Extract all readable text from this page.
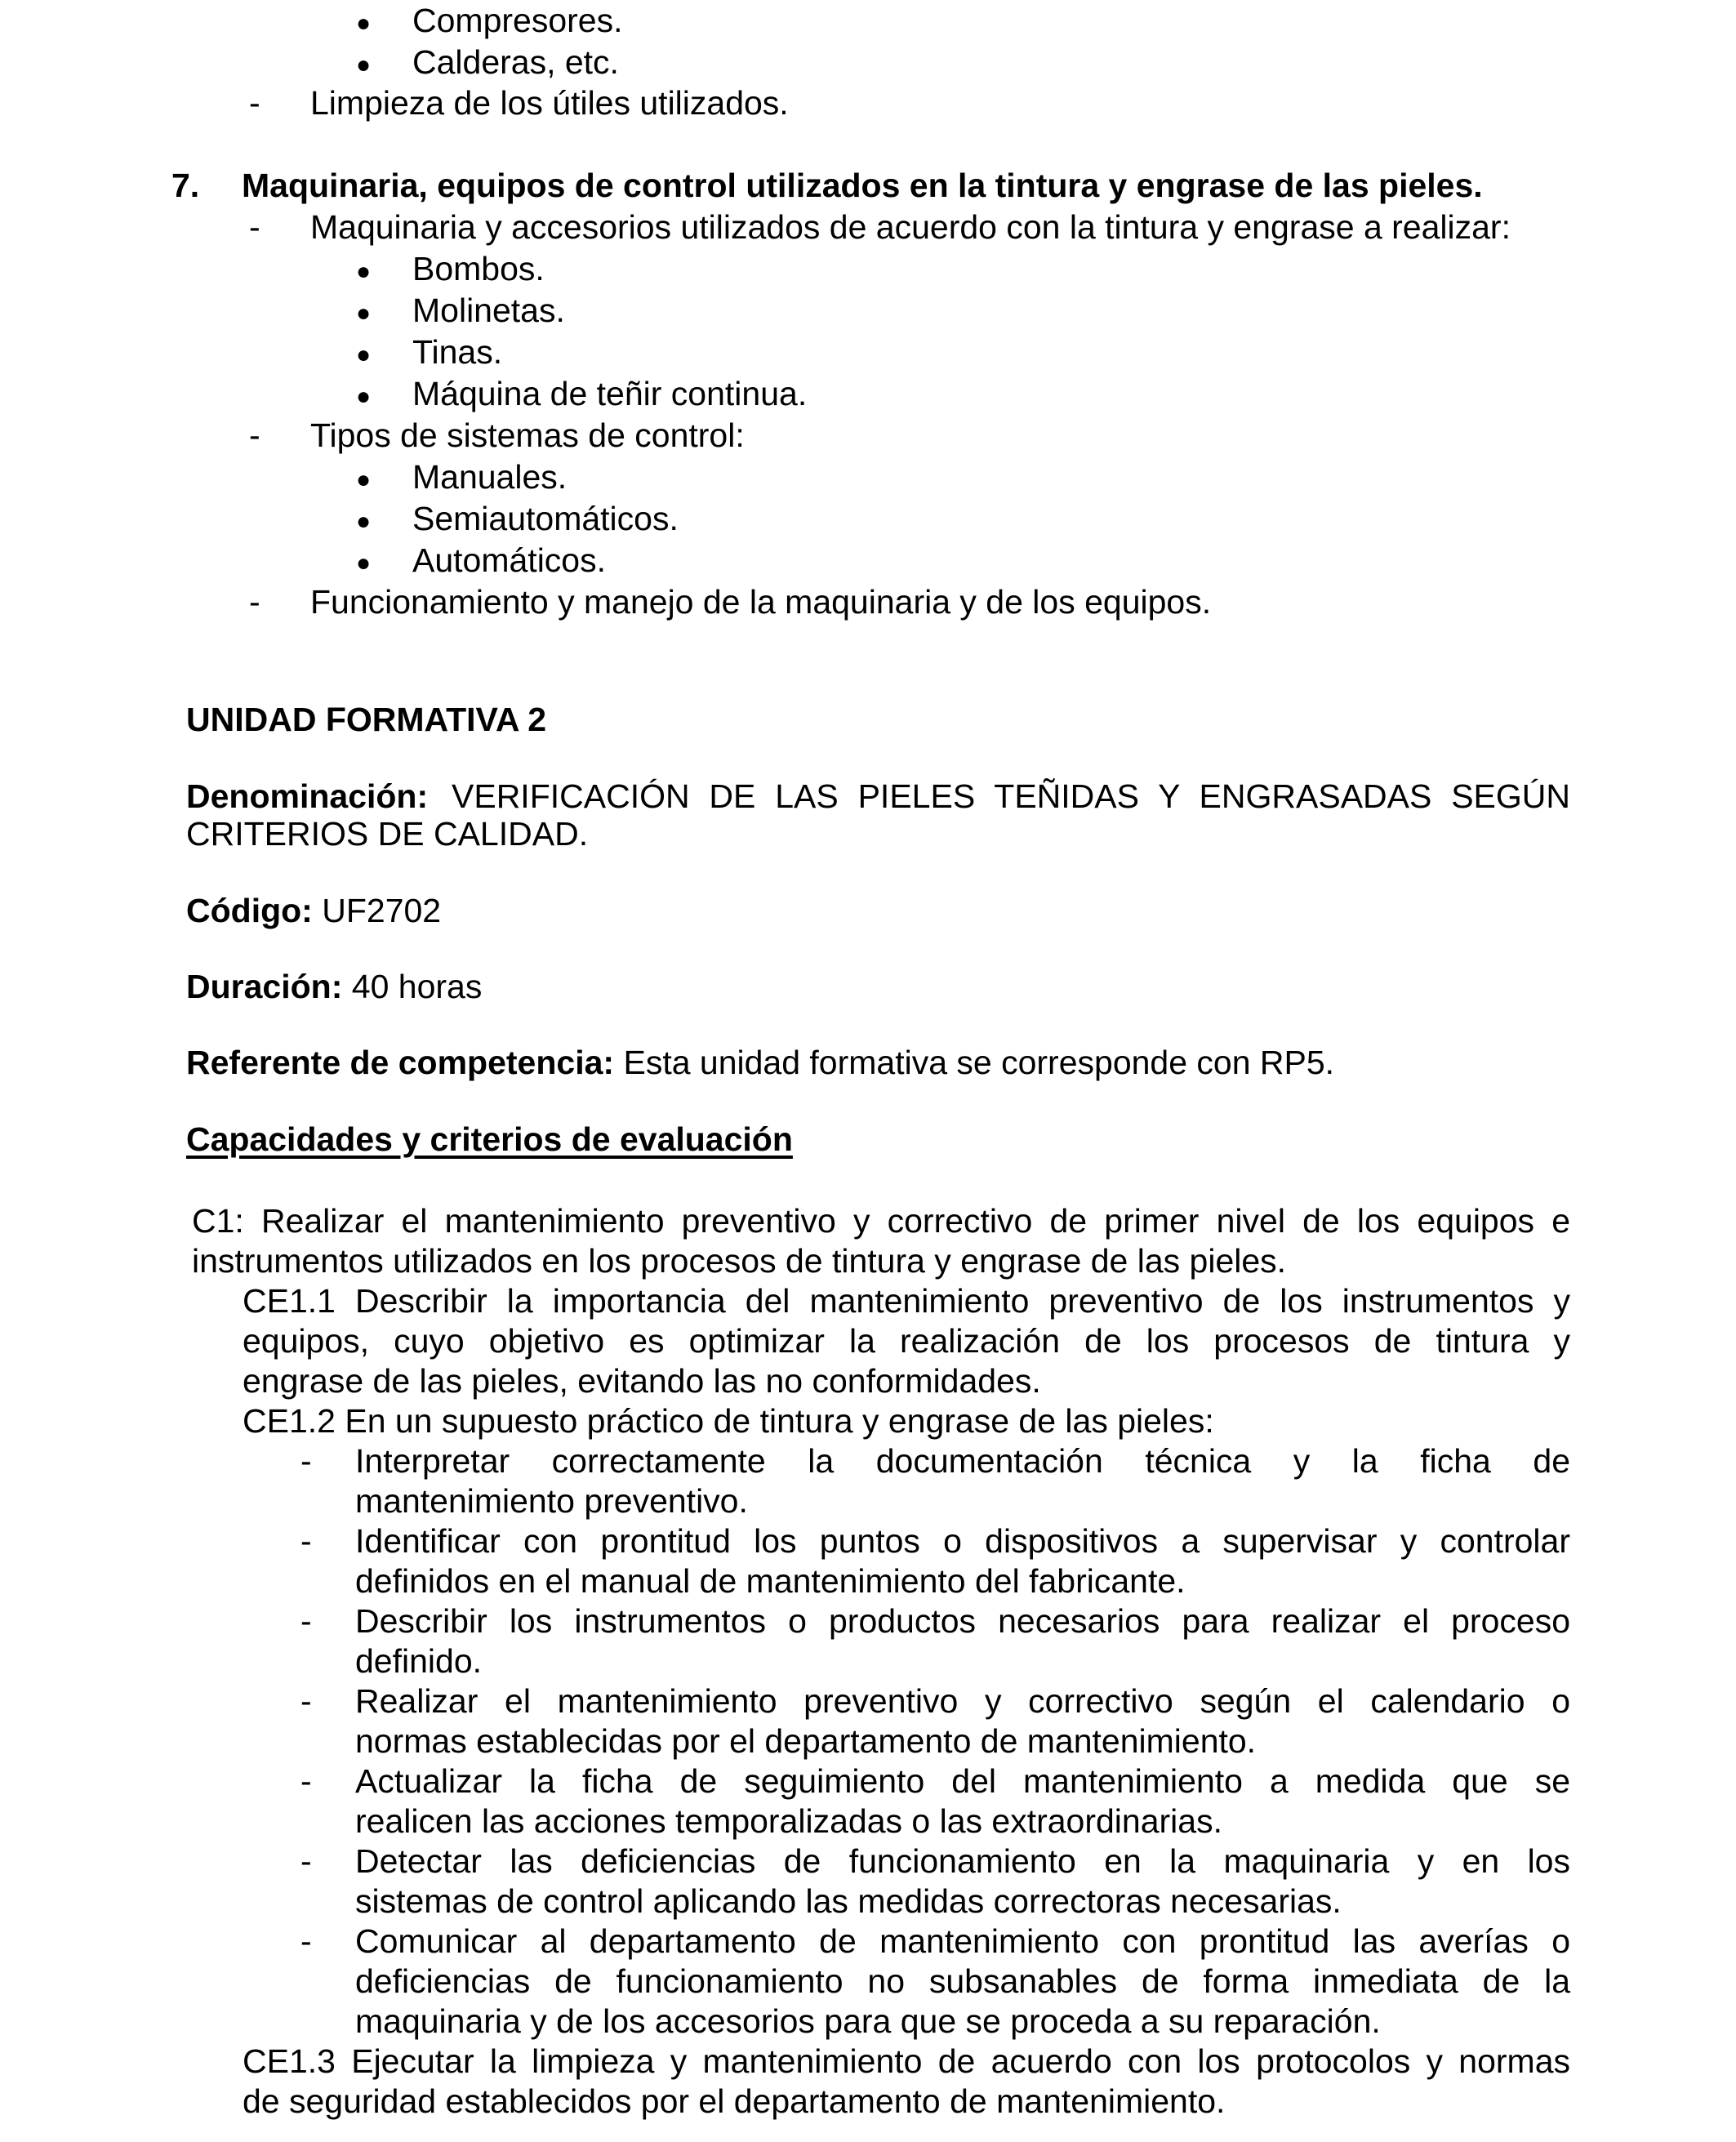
● Compresores.
● Calderas, etc.
- Limpieza de los útiles utilizados.
7. Maquinaria, equipos de control utilizados en la tintura y engrase de las pieles.
- Maquinaria y accesorios utilizados de acuerdo con la tintura y engrase a realizar:
● Bombos.
● Molinetas.
● Tinas.
● Máquina de teñir continua.
- Tipos de sistemas de control:
● Manuales.
● Semiautomáticos.
● Automáticos.
- Funcionamiento y manejo de la maquinaria y de los equipos.
UNIDAD FORMATIVA 2
Denominación: VERIFICACIÓN DE LAS PIELES TEÑIDAS Y ENGRASADAS SEGÚN
CRITERIOS DE CALIDAD.
Código: UF2702
Duración: 40 horas
Referente de competencia: Esta unidad formativa se corresponde con RP5.
Capacidades y criterios de evaluación
C1: Realizar el mantenimiento preventivo y correctivo de primer nivel de los equipos e
instrumentos utilizados en los procesos de tintura y engrase de las pieles.
CE1.1 Describir la importancia del mantenimiento preventivo de los instrumentos y
equipos, cuyo objetivo es optimizar la realización de los procesos de tintura y
engrase de las pieles, evitando las no conformidades.
CE1.2 En un supuesto práctico de tintura y engrase de las pieles:
- Interpretar correctamente la documentación técnica y la ficha de
mantenimiento preventivo.
- Identificar con prontitud los puntos o dispositivos a supervisar y controlar
definidos en el manual de mantenimiento del fabricante.
- Describir los instrumentos o productos necesarios para realizar el proceso
definido.
- Realizar el mantenimiento preventivo y correctivo según el calendario o
normas establecidas por el departamento de mantenimiento.
- Actualizar la ficha de seguimiento del mantenimiento a medida que se
realicen las acciones temporalizadas o las extraordinarias.
- Detectar las deficiencias de funcionamiento en la maquinaria y en los
sistemas de control aplicando las medidas correctoras necesarias.
- Comunicar al departamento de mantenimiento con prontitud las averías o
deficiencias de funcionamiento no subsanables de forma inmediata de la
maquinaria y de los accesorios para que se proceda a su reparación.
CE1.3 Ejecutar la limpieza y mantenimiento de acuerdo con los protocolos y normas
de seguridad establecidos por el departamento de mantenimiento.
